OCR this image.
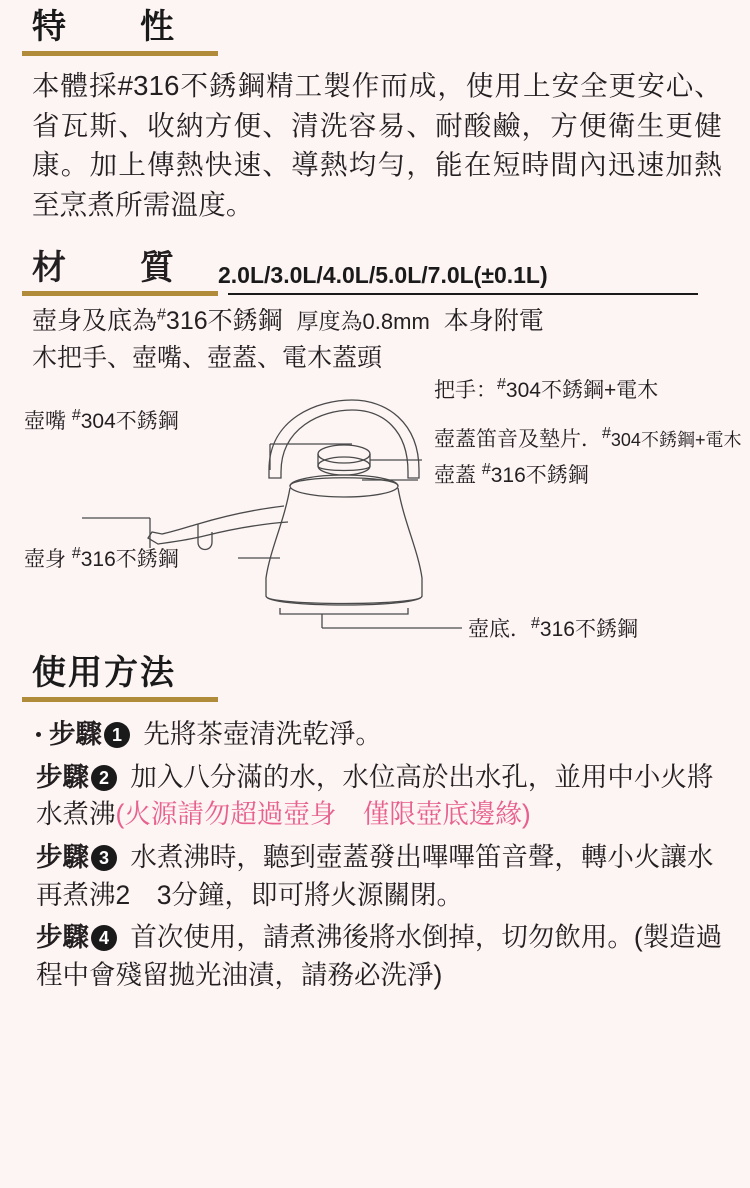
特　　性

本體採#316不銹鋼精工製作而成，使用上安全更安心、省瓦斯、收納方便、清洗容易、耐酸鹼，方便衛生更健康。加上傳熱快速、導熱均勻，能在短時間內迅速加熱至烹煮所需溫度。

材　　質	2.0L/3.0L/4.0L/5.0L/7.0L(±0.1L)
壺身及底為#316不銹鋼 厚度為0.8mm 本身附電
木把手、壺嘴、壺蓋、電木蓋頭
壺嘴 #304不銹鋼
把手：#304不銹鋼+電木
壺蓋笛音及墊片．#304不銹鋼+電木
壺蓋 #316不銹鋼
壺身 #316不銹鋼
壺底．#316不銹鋼
使用方法
步驟 1 先將茶壺清洗乾淨。
步驟 2 加入八分滿的水，水位高於出水孔，並用中小火將水煮沸(火源請勿超過壺身　僅限壺底邊緣)
步驟 3 水煮沸時，聽到壺蓋發出嗶嗶笛音聲，轉小火讓水再煮沸2　3分鐘，即可將火源關閉。
步驟 4 首次使用，請煮沸後將水倒掉，切勿飲用。(製造過程中會殘留拋光油漬，請務必洗淨)
